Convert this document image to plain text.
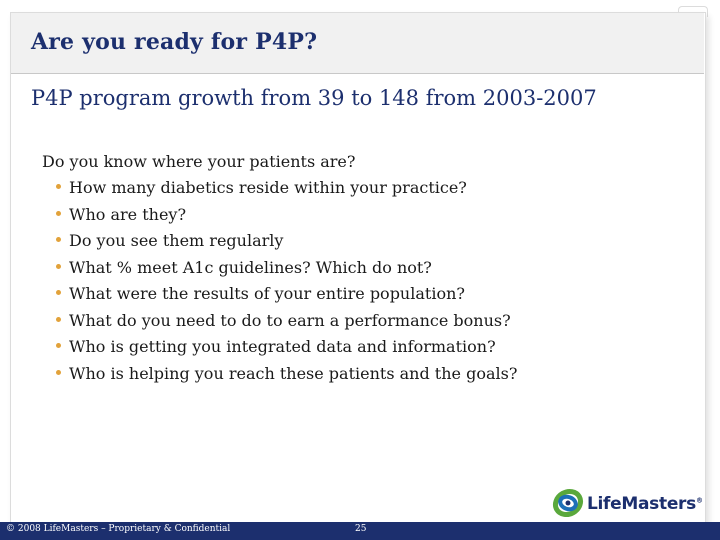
Are you ready for P4P?
P4P program growth from 39 to 148 from 2003-2007
Do you know where your patients are?
How many diabetics reside within your practice?
Who are they?
Do you see them regularly
What % meet A1c guidelines? Which do not?
What were the results of your entire population?
What do you need to do to earn a performance bonus?
Who is getting you integrated data and information?
Who is helping you reach these patients and the goals?
LifeMasters®
© 2008 LifeMasters – Proprietary & Confidential	25
